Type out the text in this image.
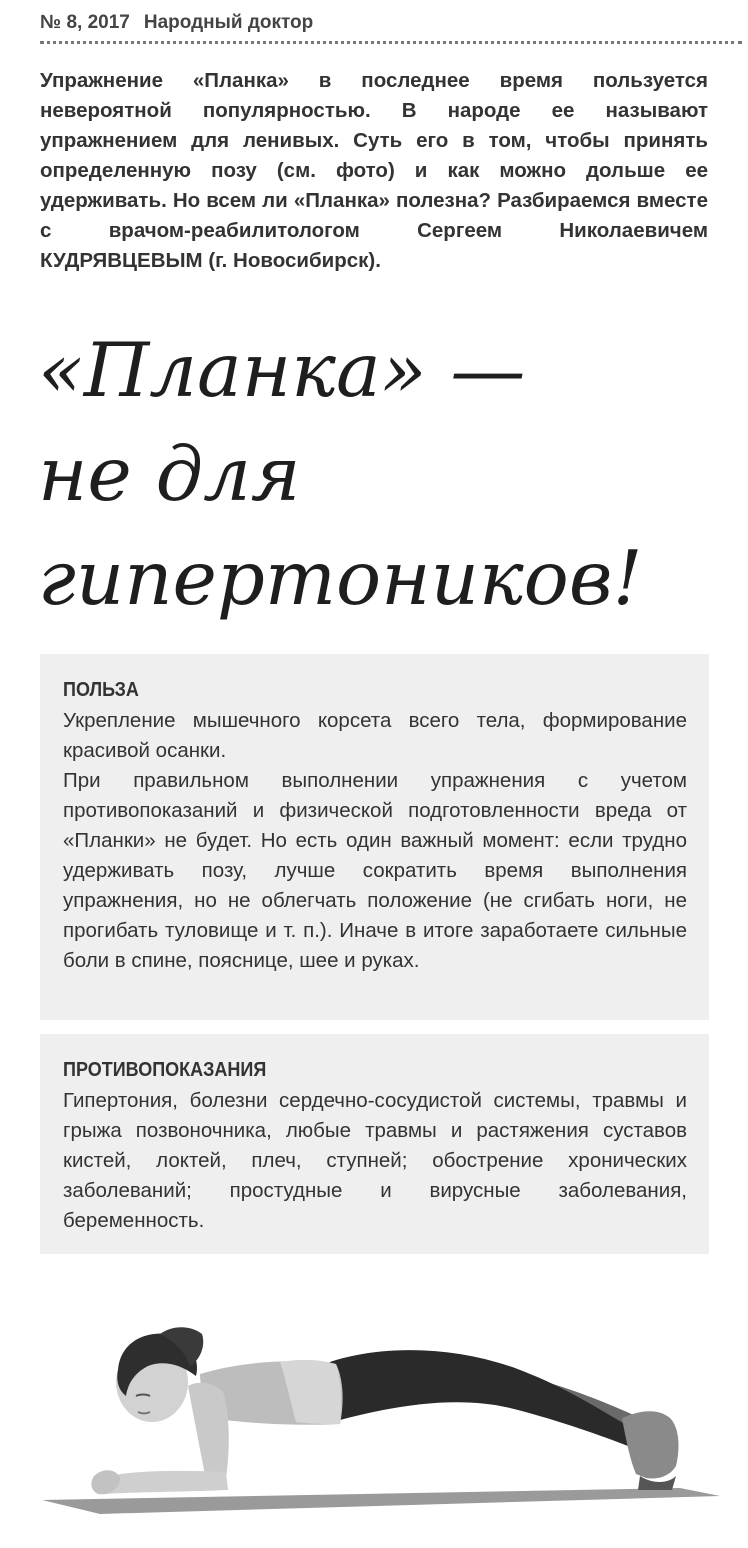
№ 8, 2017 Народный доктор
Упражнение «Планка» в последнее время пользуется невероятной популярностью. В народе ее называют упражнением для ленивых. Суть его в том, чтобы принять определенную позу (см. фото) и как можно дольше ее удерживать. Но всем ли «Планка» полезна? Разбираемся вместе с врачом-реабилитологом Сергеем Николаевичем КУДРЯВЦЕВЫМ (г. Новосибирск).
«Планка» —
не для
гипертоников!
ПОЛЬЗА

Укрепление мышечного корсета всего тела, формирование красивой осанки.

При правильном выполнении упражнения с учетом противопоказаний и физической подготовленности вреда от «Планки» не будет. Но есть один важный момент: если трудно удерживать позу, лучше сократить время выполнения упражнения, но не облегчать положение (не сгибать ноги, не прогибать туловище и т. п.). Иначе в итоге заработаете сильные боли в спине, пояснице, шее и руках.

ПРОТИВОПОКАЗАНИЯ

Гипертония, болезни сердечно-сосудистой системы, травмы и грыжа позвоночника, любые травмы и растяжения суставов кистей, локтей, плеч, ступней; обострение хронических заболеваний; простудные и вирусные заболевания, беременность.
